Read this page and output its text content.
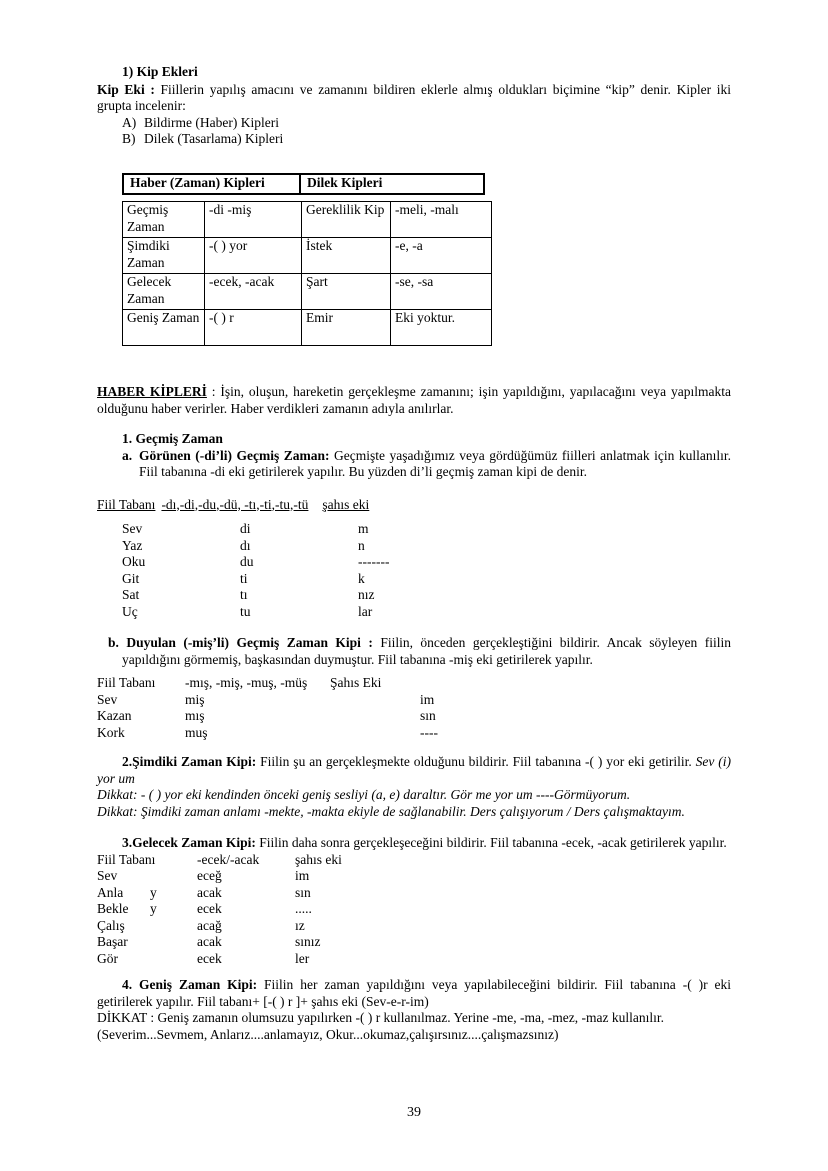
1) Kip Ekleri

Kip Eki : Fiillerin yapılış amacını ve zamanını bildiren eklerle almış oldukları biçimine “kip” denir. Kipler iki grupta incelenir:

A) Bildirme (Haber) Kipleri

B) Dilek (Tasarlama) Kipleri

Haber (Zaman) Kipleri	Dilek Kipleri
Geçmiş Zaman	-di -miş	Gereklilik Kip	-meli, -malı
Şimdiki Zaman	-( ) yor	İstek	-e, -a
Gelecek Zaman	-ecek, -acak	Şart	-se, -sa
Geniş Zaman	-( ) r	Emir	Eki yoktur.

HABER KİPLERİ : İşin, oluşun, hareketin gerçekleşme zamanını; işin yapıldığını, yapılacağını veya yapılmakta olduğunu haber verirler. Haber verdikleri zamanın adıyla anılırlar.

1. Geçmiş Zaman

a. Görünen (-di’li) Geçmiş Zaman: Geçmişte yaşadığımız veya gördüğümüz fiilleri anlatmak için kullanılır. Fiil tabanına -di eki getirilerek yapılır. Bu yüzden di’li geçmiş zaman kipi de denir.

Fiil Tabanı -dı,-di,-du,-dü, -tı,-ti,-tu,-tü şahıs eki

Sev	di	m
Yaz	dı	n
Oku	du	-------
Git	ti	k
Sat	tı	nız
Uç	tu	lar

b. Duyulan (-miş’li) Geçmiş Zaman Kipi : Fiilin, önceden gerçekleştiğini bildirir. Ancak söyleyen fiilin yapıldığını görmemiş, başkasından duymuştur. Fiil tabanına -miş eki getirilerek yapılır.

Fiil Tabanı	-mış, -miş, -muş, -müş	Şahıs Eki
Sev	miş	im
Kazan	mış	sın
Kork	muş	----

2.Şimdiki Zaman Kipi: Fiilin şu an gerçekleşmekte olduğunu bildirir. Fiil tabanına -( ) yor eki getirilir. Sev (i) yor um

Dikkat: - ( ) yor eki kendinden önceki geniş sesliyi (a, e) daraltır. Gör me yor um ----Görmüyorum.

Dikkat: Şimdiki zaman anlamı -mekte, -makta ekiyle de sağlanabilir. Ders çalışıyorum / Ders çalışmaktayım.

3.Gelecek Zaman Kipi: Fiilin daha sonra gerçekleşeceğini bildirir. Fiil tabanına -ecek, -acak getirilerek yapılır.

Fiil Tabanı	-ecek/-acak	şahıs eki
Sev	eceğ	im
Anla	y	acak	sın
Bekle	y	ecek	.....
Çalış	acağ	ız
Başar	acak	sınız
Gör	ecek	ler

4. Geniş Zaman Kipi: Fiilin her zaman yapıldığını veya yapılabileceğini bildirir. Fiil tabanına -( )r eki getirilerek yapılır. Fiil tabanı+ [-( ) r ]+ şahıs eki (Sev-e-r-im)

DİKKAT : Geniş zamanın olumsuzu yapılırken -( ) r kullanılmaz. Yerine -me, -ma, -mez, -maz kullanılır.

(Severim...Sevmem, Anlarız....anlamayız, Okur...okumaz,çalışırsınız....çalışmazsınız)

39
